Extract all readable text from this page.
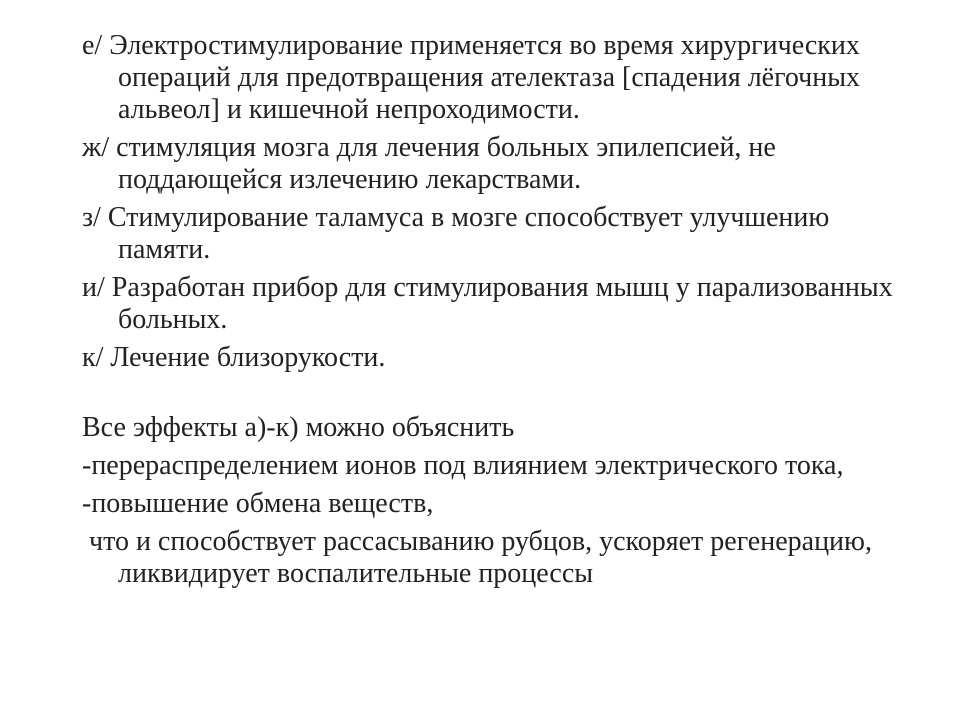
е/ Электростимулирование применяется во время хирургических операций для предотвращения ателектаза [спадения лёгочных альвеол] и кишечной непроходимости.

ж/ стимуляция мозга для лечения больных эпилепсией, не поддающейся излечению лекарствами.

з/ Стимулирование таламуса в мозге способствует улучшению памяти.

и/ Разработан прибор для стимулирования мышц у парализованных больных.

к/ Лечение близорукости.

Все эффекты а)-к) можно объяснить

-перераспределением ионов под влиянием электрического тока,

-повышение обмена веществ,

что и способствует рассасыванию рубцов, ускоряет регенерацию, ликвидирует воспалительные процессы
